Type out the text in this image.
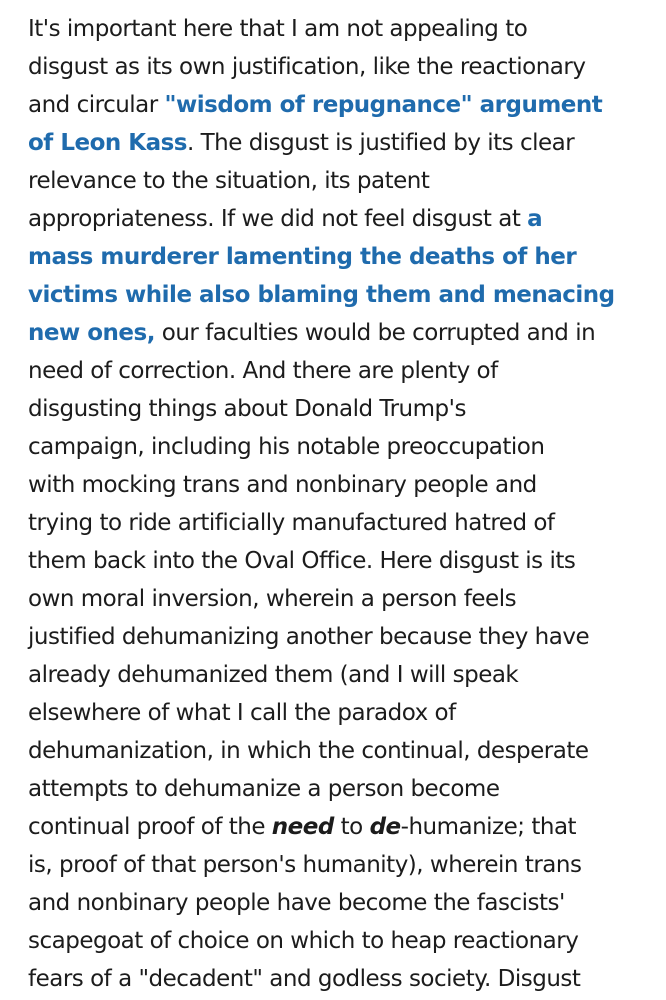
It's important here that I am not appealing to
disgust as its own justification, like the reactionary
and circular "wisdom of repugnance" argument
of Leon Kass. The disgust is justified by its clear
relevance to the situation, its patent
appropriateness. If we did not feel disgust at a
mass murderer lamenting the deaths of her
victims while also blaming them and menacing
new ones, our faculties would be corrupted and in
need of correction. And there are plenty of
disgusting things about Donald Trump's
campaign, including his notable preoccupation
with mocking trans and nonbinary people and
trying to ride artificially manufactured hatred of
them back into the Oval Office. Here disgust is its
own moral inversion, wherein a person feels
justified dehumanizing another because they have
already dehumanized them (and I will speak
elsewhere of what I call the paradox of
dehumanization, in which the continual, desperate
attempts to dehumanize a person become
continual proof of the need to de-humanize; that
is, proof of that person's humanity), wherein trans
and nonbinary people have become the fascists'
scapegoat of choice on which to heap reactionary
fears of a "decadent" and godless society. Disgust
